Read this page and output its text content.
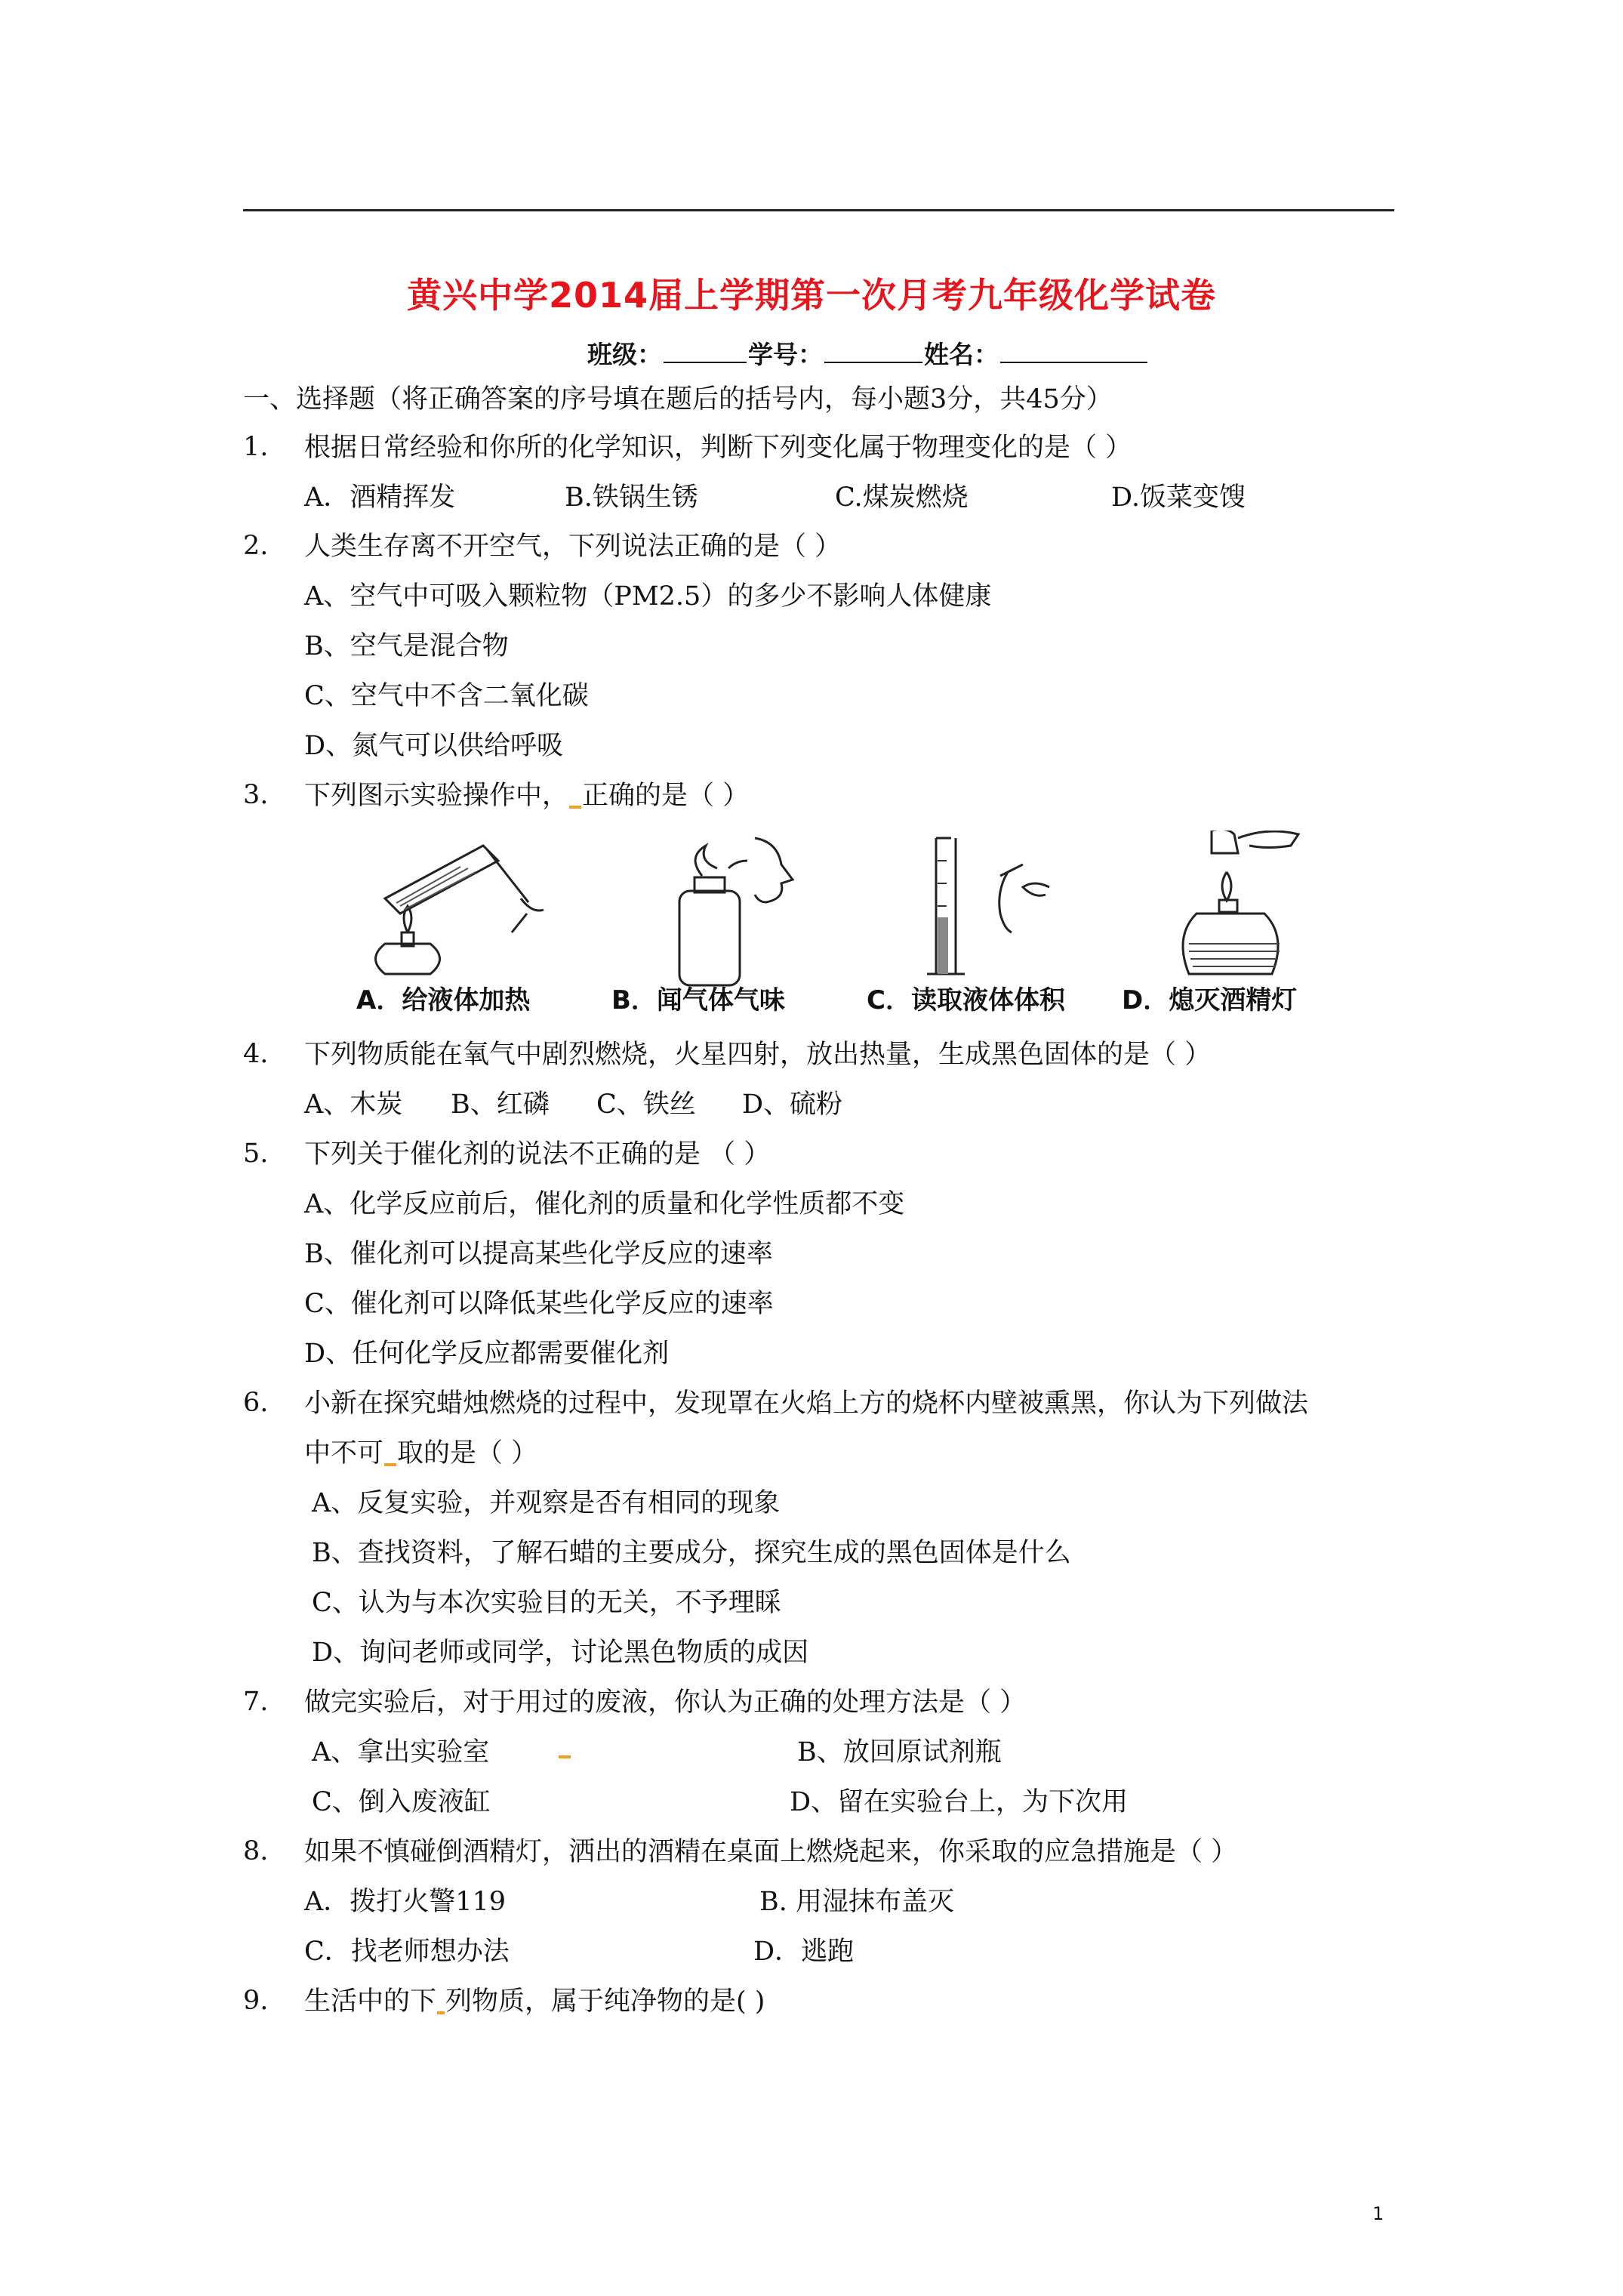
黄兴中学2014届上学期第一次月考九年级化学试卷
班级：	学号：	姓名：
一、选择题（将正确答案的序号填在题后的括号内，每小题3分，共45分）
1. 根据日常经验和你所的化学知识，判断下列变化属于物理变化的是（ ）
A．酒精挥发	B.铁锅生锈	C.煤炭燃烧	D.饭菜变馊
2. 人类生存离不开空气，下列说法正确的是（ ）
A、空气中可吸入颗粒物（PM2.5）的多少不影响人体健康
B、空气是混合物
C、空气中不含二氧化碳
D、氮气可以供给呼吸
3. 下列图示实验操作中， 正确的是（ ）
A．给液体加热	B．闻气体气味	C．读取液体体积 D．熄灭酒精灯
4. 下列物质能在氧气中剧烈燃烧，火星四射，放出热量，生成黑色固体的是（ ）
A、木炭 B、红磷 C、铁丝 D、硫粉
5. 下列关于催化剂的说法不正确的是 （ ）
A、化学反应前后，催化剂的质量和化学性质都不变
B、催化剂可以提高某些化学反应的速率
C、催化剂可以降低某些化学反应的速率
D、任何化学反应都需要催化剂
6. 小新在探究蜡烛燃烧的过程中，发现罩在火焰上方的烧杯内壁被熏黑，你认为下列做法
中不可 取的是（ ）
A、反复实验，并观察是否有相同的现象
B、查找资料，了解石蜡的主要成分，探究生成的黑色固体是什么
C、认为与本次实验目的无关，不予理睬
D、询问老师或同学，讨论黑色物质的成因
7. 做完实验后，对于用过的废液，你认为正确的处理方法是（ ）
A、拿出实验室	B、放回原试剂瓶
C、倒入废液缸	D、留在实验台上，为下次用
8. 如果不慎碰倒酒精灯，洒出的酒精在桌面上燃烧起来，你采取的应急措施是（ ）
A．拨打火警119	B. 用湿抹布盖灭
C．找老师想办法	D．逃跑
9. 生活中的下 列物质，属于纯净物的是( )
1
